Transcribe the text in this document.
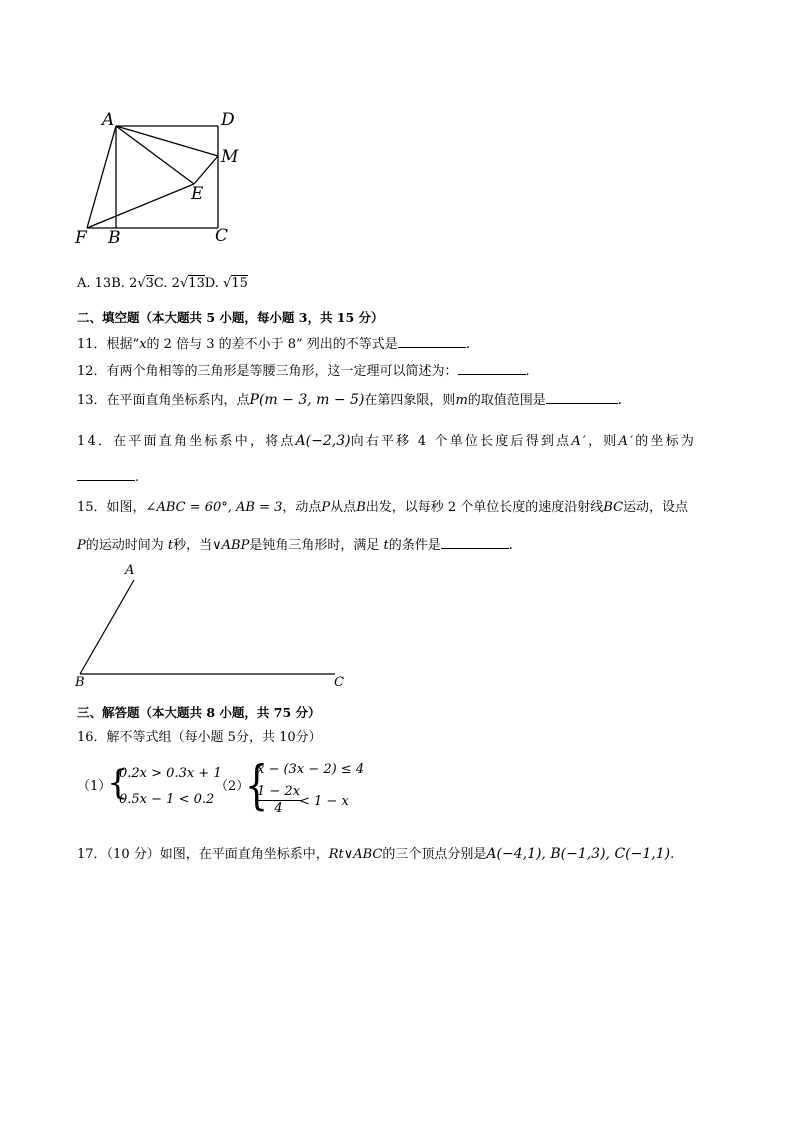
A	D
M
E
F B	C
A. 13B. 2√3C. 2√13D. √15
二、填空题（本大题共 5 小题，每小题 3，共 15 分）
11．根据“x的 2 倍与 3 的差不小于 8” 列出的不等式是	.
12．有两个角相等的三角形是等腰三角形，这一定理可以简述为：	.
13．在平面直角坐标系内，点P(m − 3, m − 5)在第四象限，则m的取值范围是	.
14．在平面直角坐标系中，将点A(−2,3)向右平移 4 个单位长度后得到点A′，则A′的坐标为
.
15．如图，∠ABC = 60°, AB = 3，动点P从点B出发，以每秒 2 个单位长度的速度沿射线BC运动，设点
P的运动时间为 t秒，当∨ABP是钝角三角形时，满足 t的条件是	.
A
B	C
三、解答题（本大题共 8 小题，共 75 分）
16．解不等式组（每小题 5分，共 10分）
（1）
{
0.2x > 0.3x + 1
0.5x − 1 < 0.2
（2）
{
x − (3x − 2) ≤ 4
$\frac{1 - 2x}{4}$
< 1 − x
17．（10 分）如图，在平面直角坐标系中，Rt∨ABC的三个顶点分别是A(−4,1), B(−1,3), C(−1,1).
